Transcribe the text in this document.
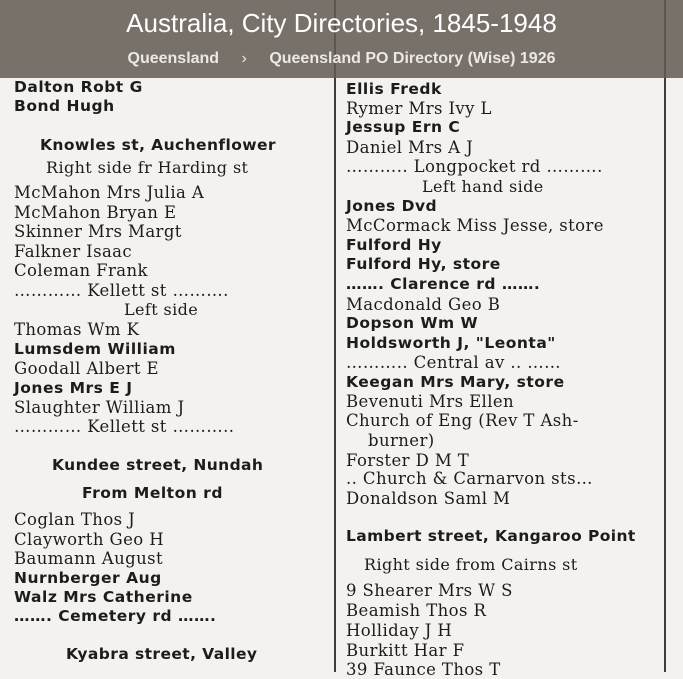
Dalton Robt G
Bond Hugh
Knowles st, Auchenflower
Right side fr Harding st
McMahon Mrs Julia A
McMahon Bryan E
Skinner Mrs Margt
Falkner Isaac
Coleman Frank
………… Kellett st ……….
Left side
Thomas Wm K
Lumsdem William
Goodall Albert E
Jones Mrs E J
Slaughter William J
………… Kellett st ………..
Kundee street, Nundah
From Melton rd
Coglan Thos J
Clayworth Geo H
Baumann August
Nurnberger Aug
Walz Mrs Catherine
……. Cemetery rd …….
Kyabra street, Valley
Ellis Fredk
Rymer Mrs Ivy L
Jessup Ern C
Daniel Mrs A J
……….. Longpocket rd ……….
Left hand side
Jones Dvd
McCormack Miss Jesse, store
Fulford Hy
Fulford Hy, store
……. Clarence rd …….
Macdonald Geo B
Dopson Wm W
Holdsworth J, "Leonta"
……….. Central av .. ……
Keegan Mrs Mary, store
Bevenuti Mrs Ellen
Church of Eng (Rev T Ash-
burner)
Forster D M T
.. Church & Carnarvon sts…
Donaldson Saml M
Lambert street, Kangaroo Point
Right side from Cairns st
9 Shearer Mrs W S
Beamish Thos R
Holliday J H
Burkitt Har F
39 Faunce Thos T
Australia, City Directories, 1845-1948
Queensland › Queensland PO Directory (Wise) 1926
